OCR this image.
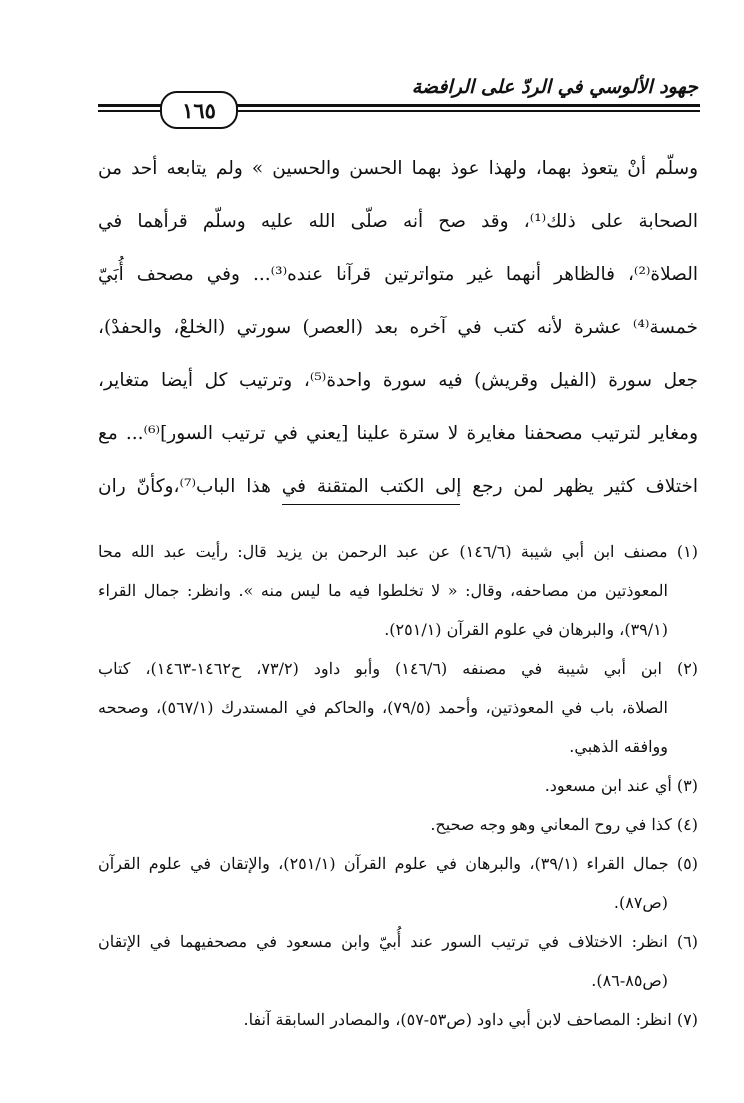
جهود الألوسي في الردّ على الرافضة
١٦٥
وسلّم أنْ يتعوذ بهما، ولهذا عوذ بهما الحسن والحسين » ولم يتابعه أحد من
الصحابة على ذلك⁽¹⁾، وقد صح أنه صلّى الله عليه وسلّم قرأهما في
الصلاة⁽²⁾، فالظاهر أنهما غير متواترتين قرآنا عنده⁽³⁾... وفي مصحف أُبَيّ
خمسة⁽⁴⁾ عشرة لأنه كتب في آخره بعد (العصر) سورتي (الخلعْ، والحفدْ)،
جعل سورة (الفيل وقريش) فيه سورة واحدة⁽⁵⁾، وترتيب كل أيضا متغاير،
ومغاير لترتيب مصحفنا مغايرة لا سترة علينا [يعني في ترتيب السور]⁽⁶⁾... مع
اختلاف كثير يظهر لمن رجع إلى الكتب المتقنة في هذا الباب⁽⁷⁾،وكأنّ ران
(١) مصنف ابن أبي شيبة (١٤٦/٦) عن عبد الرحمن بن يزيد قال: رأيت عبد الله محا
المعوذتين من مصاحفه، وقال: « لا تخلطوا فيه ما ليس منه ». وانظر: جمال القراء
(٣٩/١)، والبرهان في علوم القرآن (٢٥١/١).
(٢) ابن أبي شيبة في مصنفه (١٤٦/٦) وأبو داود (٧٣/٢، ح١٤٦٢-١٤٦٣)، كتاب
الصلاة، باب في المعوذتين، وأحمد (٧٩/٥)، والحاكم في المستدرك (٥٦٧/١)، وصححه
ووافقه الذهبي.
(٣) أي عند ابن مسعود.
(٤) كذا في روح المعاني وهو وجه صحيح.
(٥) جمال القراء (٣٩/١)، والبرهان في علوم القرآن (٢٥١/١)، والإتقان في علوم القرآن
(ص٨٧).
(٦) انظر: الاختلاف في ترتيب السور عند أُبيّ وابن مسعود في مصحفيهما في الإتقان
(ص٨٥-٨٦).
(٧) انظر: المصاحف لابن أبي داود (ص٥٣-٥٧)، والمصادر السابقة آنفا.
